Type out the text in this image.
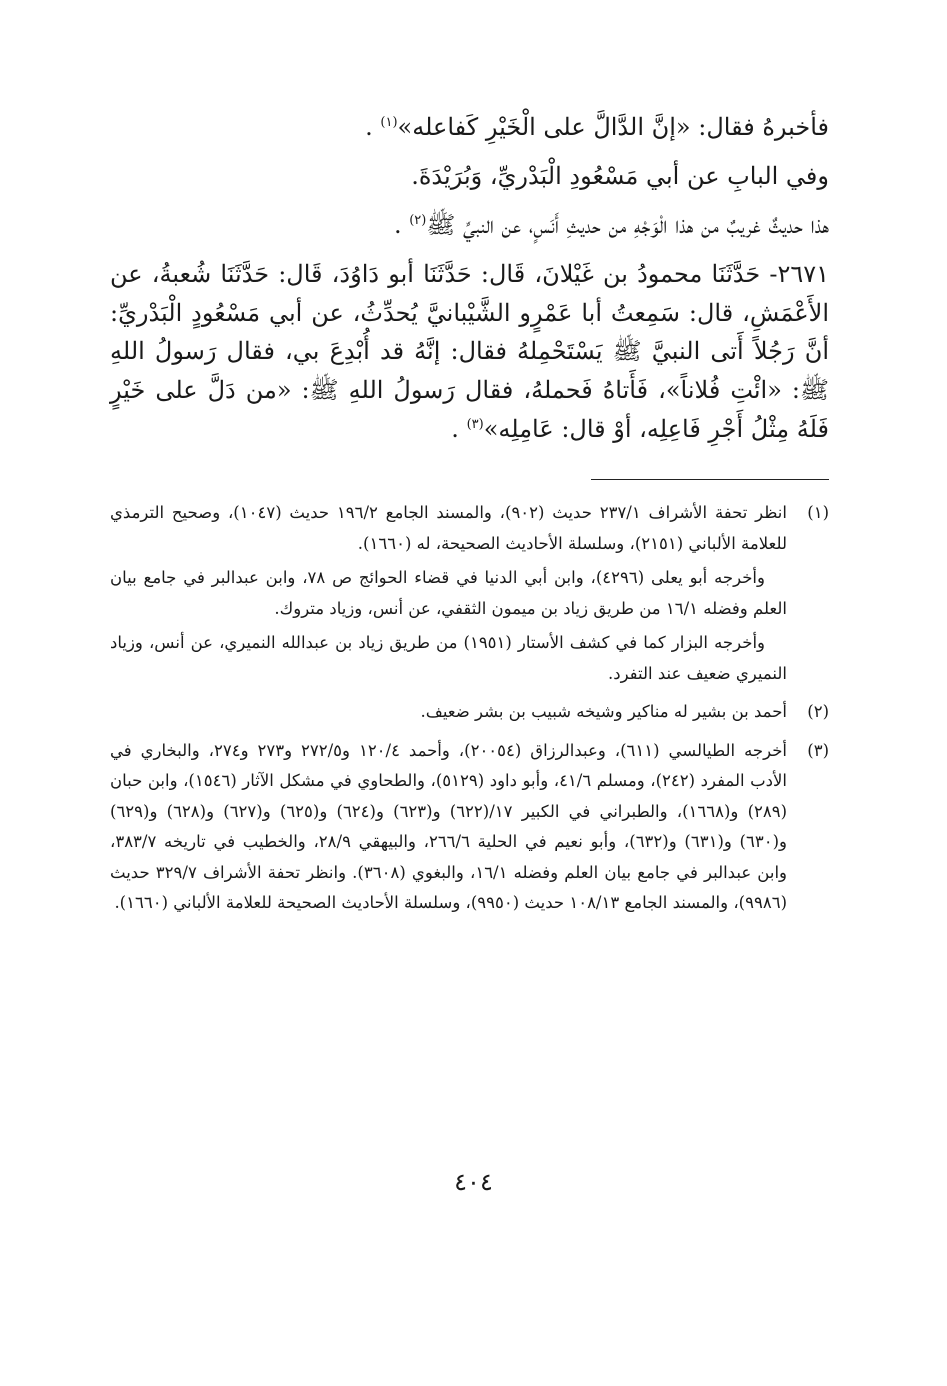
فأخبرهُ فقال: «إنَّ الدَّالَّ على الْخَيْرِ كَفاعله»$^{(١)}$ .

وفي البابِ عن أبي مَسْعُودِ الْبَدْريِّ، وَبُرَيْدَةَ.

هذا حديثٌ غريبٌ من هذا الْوَجْهِ من حديثِ أَنَسٍ، عن النبيِّ ﷺ$^{(٢)}$ .

٢٦٧١- حَدَّثَنَا محمودُ بن غَيْلانَ، قَال: حَدَّثَنَا أبو دَاوُدَ، قَال: حَدَّثَنَا شُعبةُ، عن الأَعْمَشِ، قال: سَمِعتُ أبا عَمْرٍو الشَّيْبانيَّ يُحدِّثُ، عن أبي مَسْعُودٍ الْبَدْريِّ: أنَّ رَجُلاً أَتى النبيَّ ﷺ يَسْتَحْمِلهُ فقال: إنَّهُ قد أُبْدِعَ بي، فقال رَسولُ اللهِ ﷺ: «ائْتِ فُلاناً»، فَأَتاهُ فَحملهُ، فقال رَسولُ اللهِ ﷺ: «من دَلَّ على خَيْرٍ فَلَهُ مِثْلُ أَجْرِ فَاعِلِه، أوْ قال: عَامِلِه»$^{(٣)}$ .

(١)

انظر تحفة الأشراف ٢٣٧/١ حديث (٩٠٢)، والمسند الجامع ١٩٦/٢ حديث (١٠٤٧)، وصحيح الترمذي للعلامة الألباني (٢١٥١)، وسلسلة الأحاديث الصحيحة، له (١٦٦٠).

وأخرجه أبو يعلى (٤٢٩٦)، وابن أبي الدنيا في قضاء الحوائج ص ٧٨، وابن عبدالبر في جامع بيان العلم وفضله ١٦/١ من طريق زياد بن ميمون الثقفي، عن أنس، وزياد متروك.

وأخرجه البزار كما في كشف الأستار (١٩٥١) من طريق زياد بن عبدالله النميري، عن أنس، وزياد النميري ضعيف عند التفرد.

(٢)

أحمد بن بشير له مناكير وشيخه شبيب بن بشر ضعيف.

(٣)

أخرجه الطيالسي (٦١١)، وعبدالرزاق (٢٠٠٥٤)، وأحمد ١٢٠/٤ و٢٧٢/٥ و٢٧٣ و٢٧٤، والبخاري في الأدب المفرد (٢٤٢)، ومسلم ٤١/٦، وأبو داود (٥١٢٩)، والطحاوي في مشكل الآثار (١٥٤٦)، وابن حبان (٢٨٩) و(١٦٦٨)، والطبراني في الكبير ١٧/(٦٢٢) و(٦٢٣) و(٦٢٤) و(٦٢٥) و(٦٢٧) و(٦٢٨) و(٦٢٩) و(٦٣٠) و(٦٣١) و(٦٣٢)، وأبو نعيم في الحلية ٢٦٦/٦، والبيهقي ٢٨/٩، والخطيب في تاريخه ٣٨٣/٧، وابن عبدالبر في جامع بيان العلم وفضله ١٦/١، والبغوي (٣٦٠٨). وانظر تحفة الأشراف ٣٢٩/٧ حديث (٩٩٨٦)، والمسند الجامع ١٠٨/١٣ حديث (٩٩٥٠)، وسلسلة الأحاديث الصحيحة للعلامة الألباني (١٦٦٠).

٤٠٤
